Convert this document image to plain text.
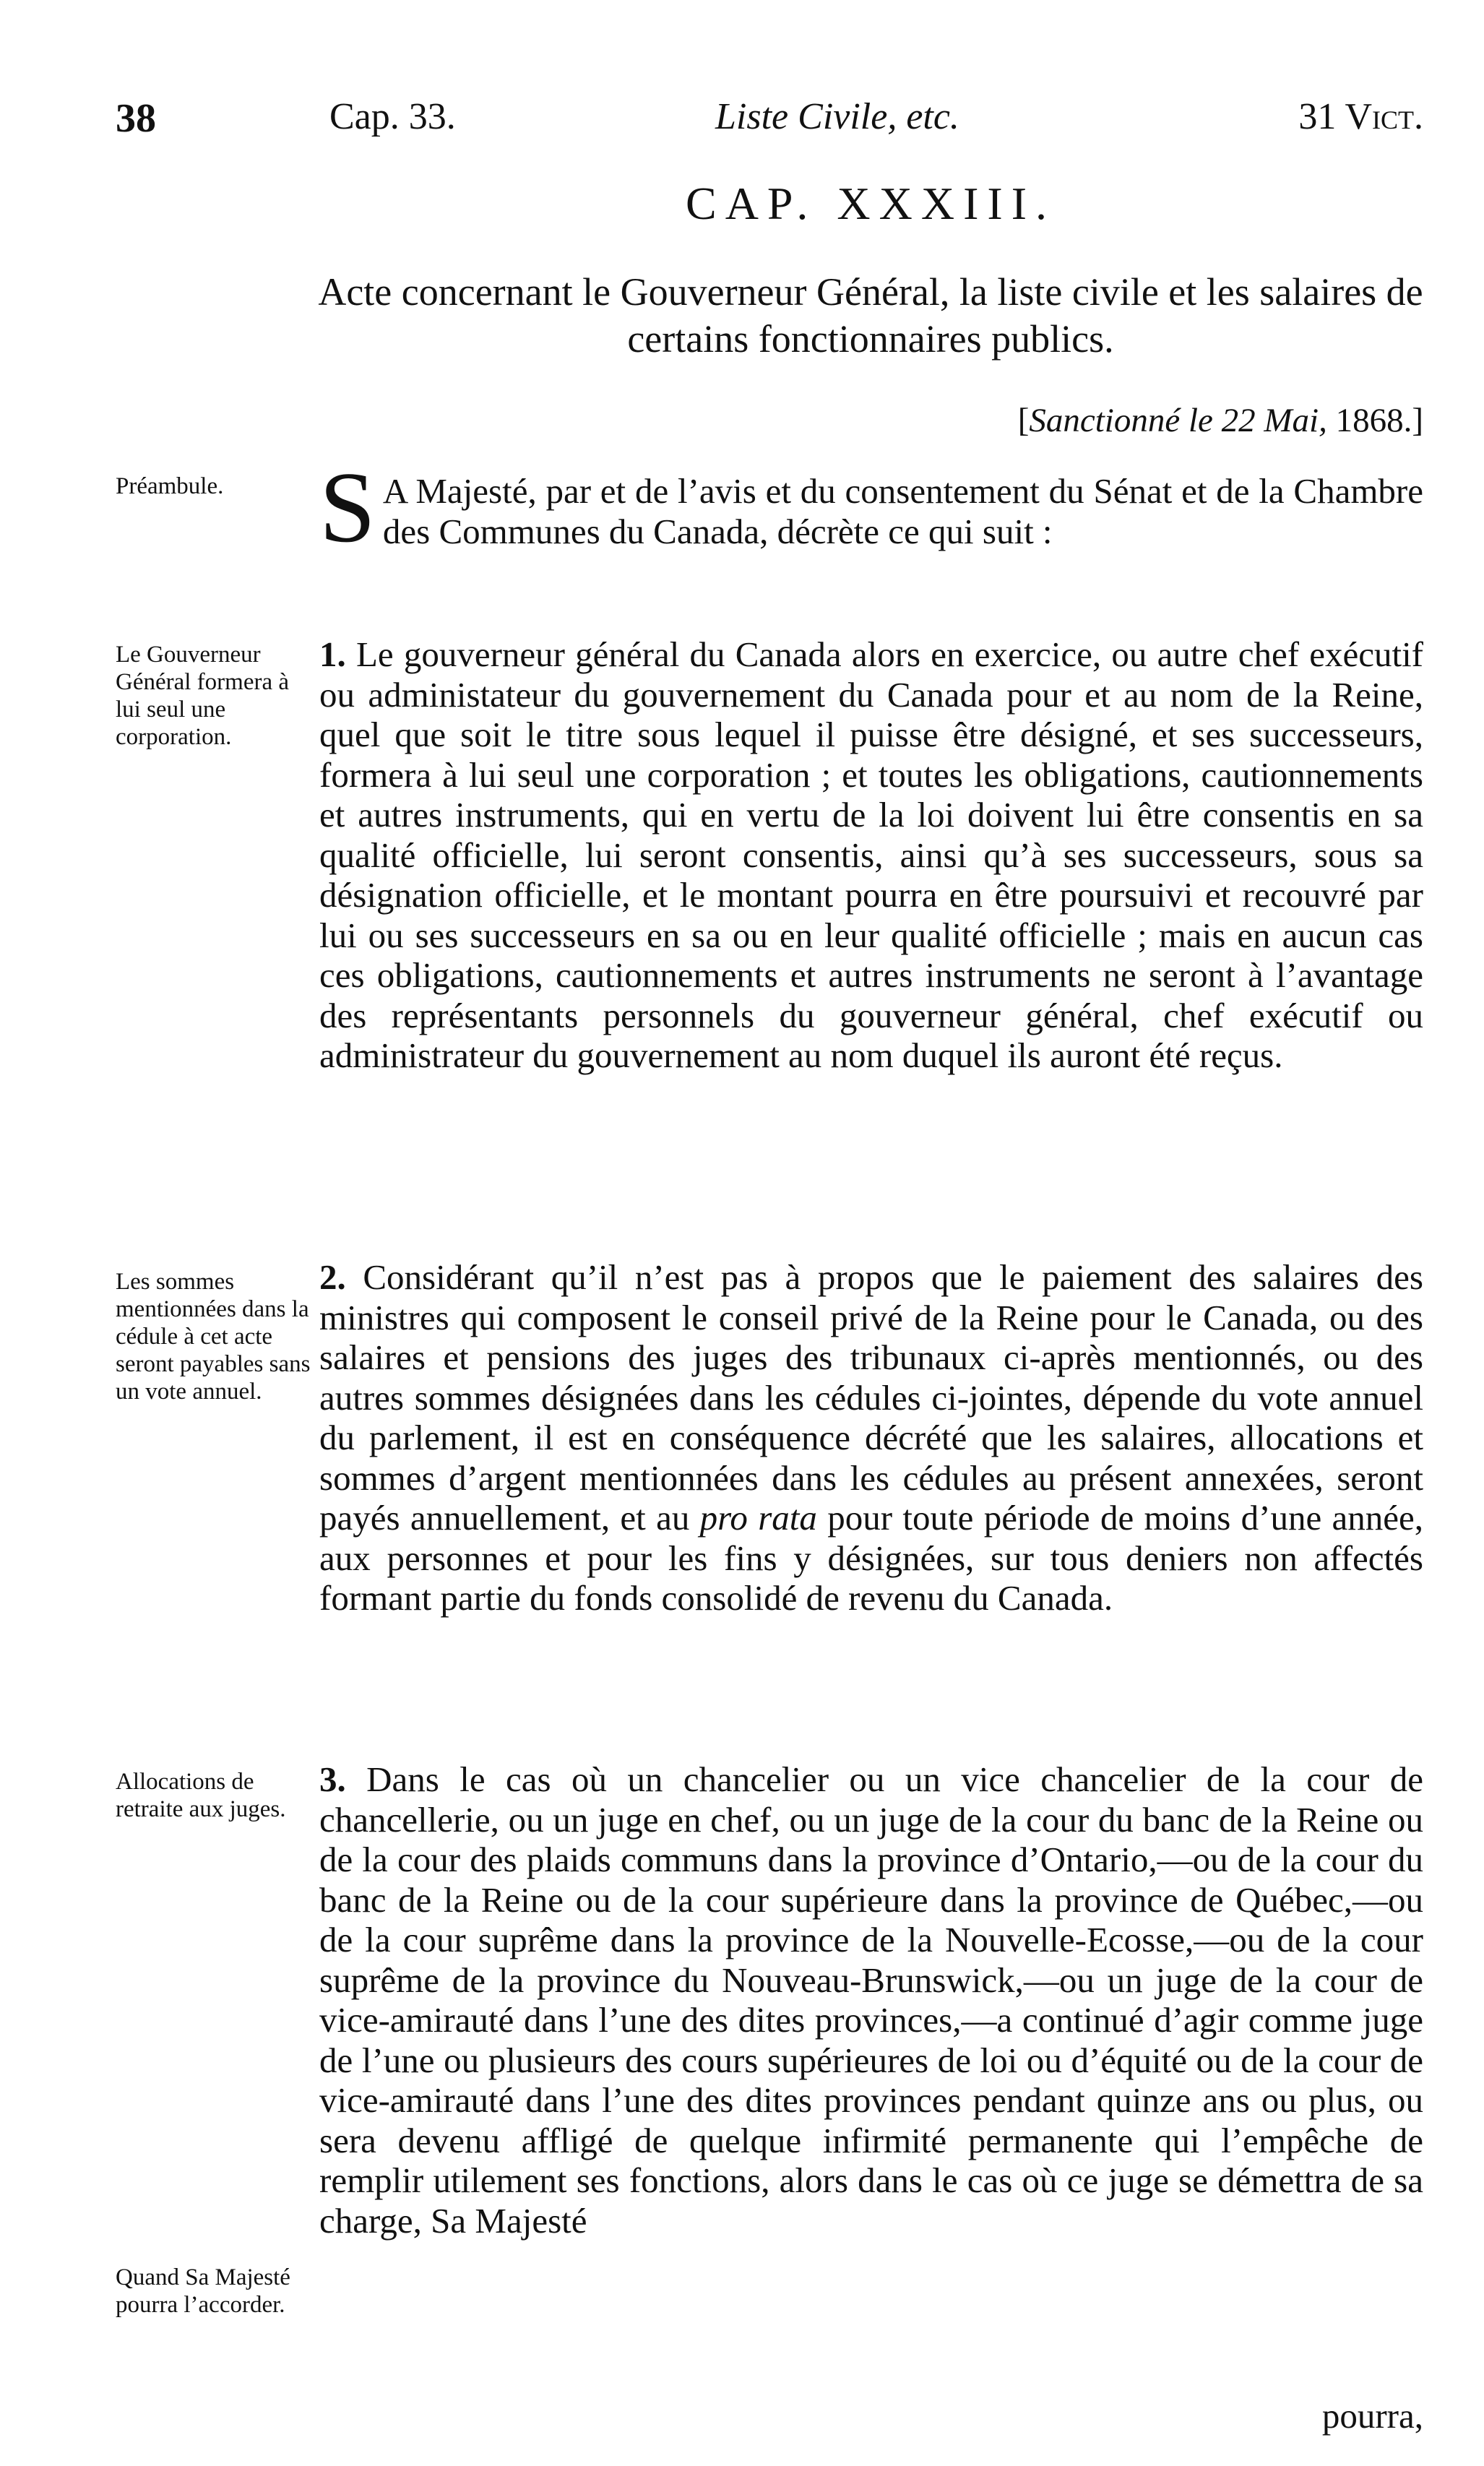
38	Cap. 33.	Liste Civile, etc.	31 Vict.
CAP. XXXIII.
Acte concernant le Gouverneur Général, la liste civile et les salaires de certains fonctionnaires publics.
[Sanctionné le 22 Mai, 1868.]
Préambule. S A Majesté, par et de l’avis et du consentement du Sénat et de la Chambre des Communes du Canada, décrète ce qui suit :
Le Gouverneur Général formera à lui seul une corporation.
1. Le gouverneur général du Canada alors en exercice, ou autre chef exécutif ou administateur du gouvernement du Canada pour et au nom de la Reine, quel que soit le titre sous lequel il puisse être désigné, et ses successeurs, formera à lui seul une corporation ; et toutes les obligations, cautionnements et autres instruments, qui en vertu de la loi doivent lui être consentis en sa qualité officielle, lui seront consentis, ainsi qu’à ses successeurs, sous sa désignation officielle, et le montant pourra en être poursuivi et recouvré par lui ou ses successeurs en sa ou en leur qualité officielle ; mais en aucun cas ces obligations, cautionnements et autres instruments ne seront à l’avantage des représentants personnels du gouverneur général, chef exécutif ou administrateur du gouvernement au nom duquel ils auront été reçus.
Les sommes mentionnées dans la cédule à cet acte seront payables sans un vote annuel.
2. Considérant qu’il n’est pas à propos que le paiement des salaires des ministres qui composent le conseil privé de la Reine pour le Canada, ou des salaires et pensions des juges des tribunaux ci-après mentionnés, ou des autres sommes désignées dans les cédules ci-jointes, dépende du vote annuel du parlement, il est en conséquence décrété que les salaires, allocations et sommes d’argent mentionnées dans les cédules au présent annexées, seront payés annuellement, et au pro rata pour toute période de moins d’une année, aux personnes et pour les fins y désignées, sur tous deniers non affectés formant partie du fonds consolidé de revenu du Canada.
Allocations de retraite aux juges.
3. Dans le cas où un chancelier ou un vice chancelier de la cour de chancellerie, ou un juge en chef, ou un juge de la cour du banc de la Reine ou de la cour des plaids communs dans la province d’Ontario,—ou de la cour du banc de la Reine ou de la cour supérieure dans la province de Québec,—ou de la cour suprême dans la province de la Nouvelle-Ecosse,—ou de la cour suprême de la province du Nouveau-Brunswick,—ou un juge de la cour de vice-amirauté dans l’une des dites provinces,—a continué d’agir comme juge de l’une ou plusieurs des cours supérieures de loi ou d’équité ou de la cour de vice-amirauté dans l’une des dites provinces pendant quinze ans ou plus, ou sera devenu affligé de quelque infirmité permanente qui l’empêche de remplir utilement ses fonctions, alors dans le cas où ce juge se démettra de sa charge, Sa Majesté
Quand Sa Majesté pourra l’accorder.
pourra,
